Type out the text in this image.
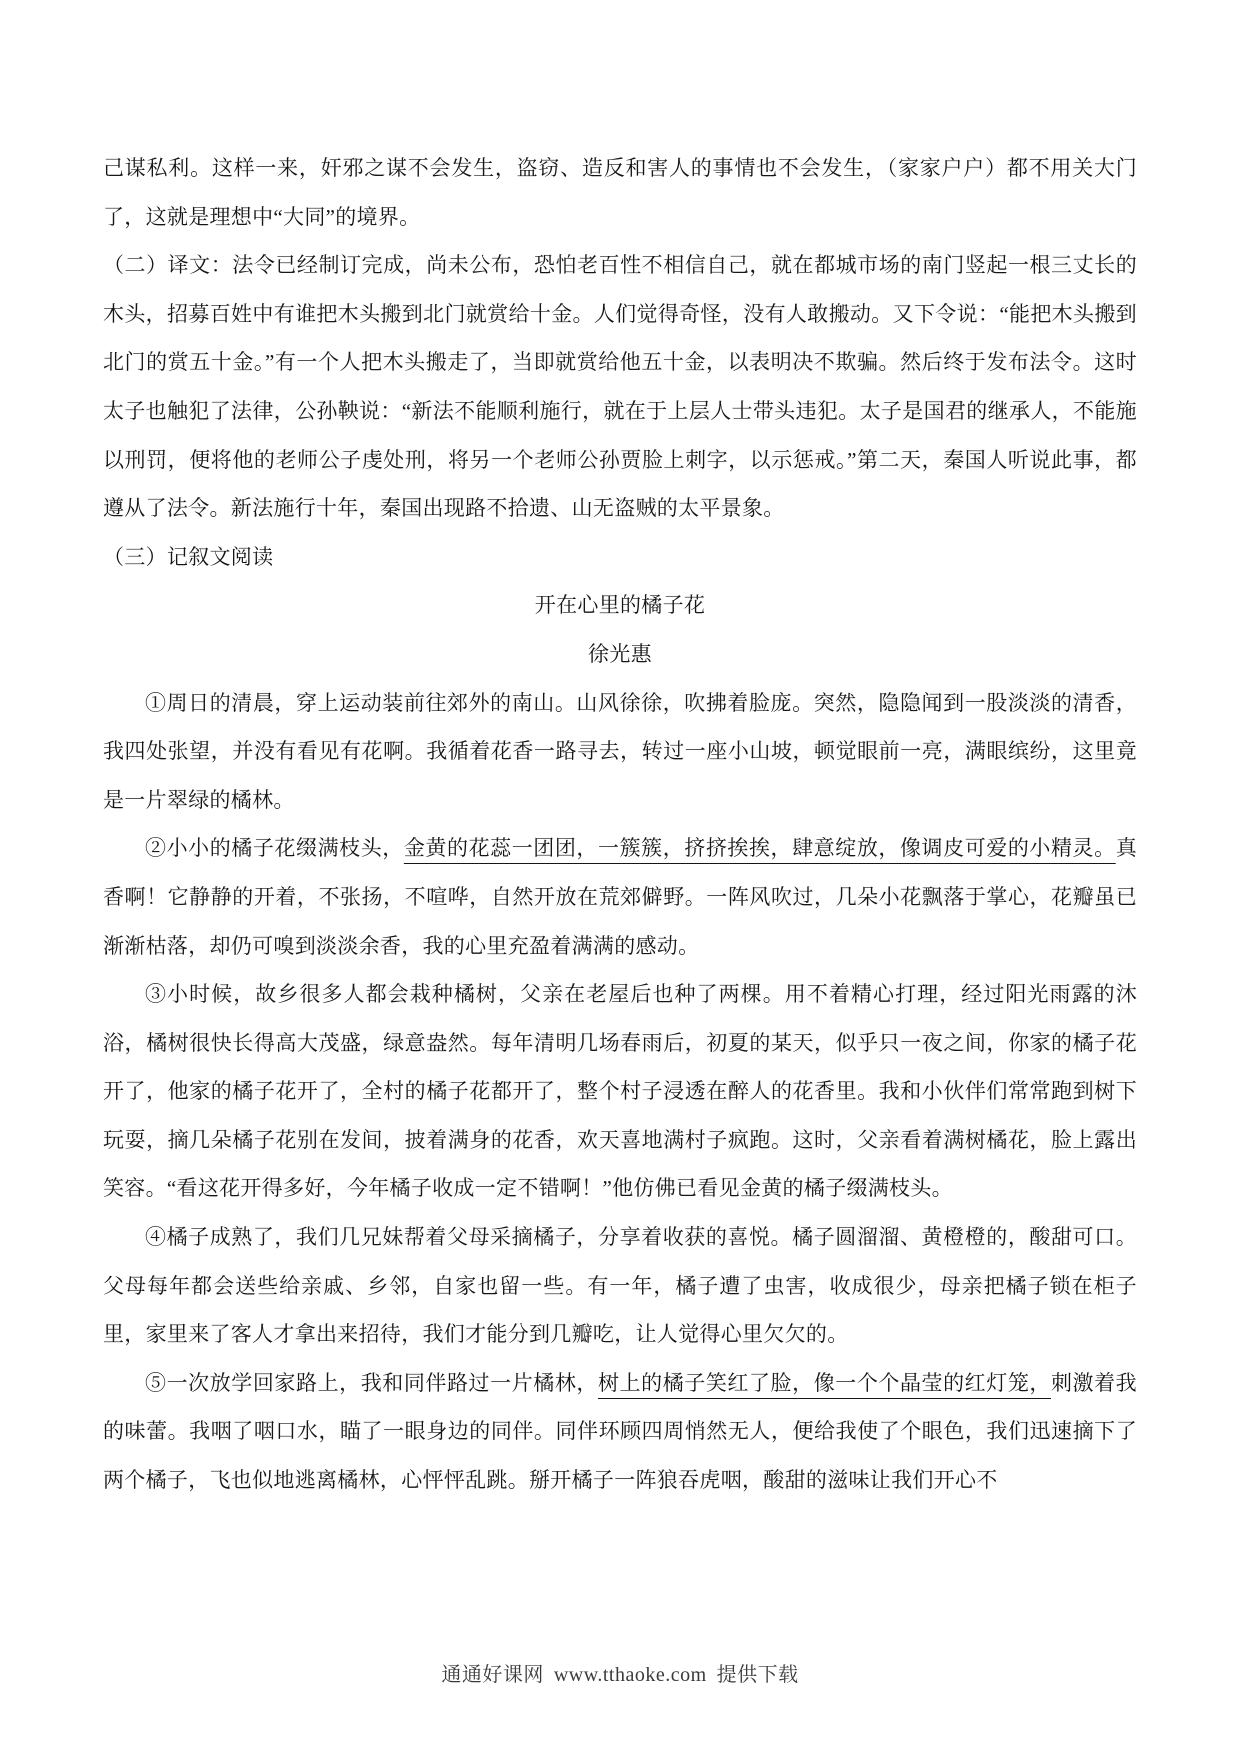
己谋私利。这样一来，奸邪之谋不会发生，盗窃、造反和害人的事情也不会发生，（家家户户）都不用关大门了，这就是理想中“大同”的境界。

（二）译文：法令已经制订完成，尚未公布，恐怕老百性不相信自己，就在都城市场的南门竖起一根三丈长的木头，招募百姓中有谁把木头搬到北门就赏给十金。人们觉得奇怪，没有人敢搬动。又下令说：“能把木头搬到北门的赏五十金。”有一个人把木头搬走了，当即就赏给他五十金，以表明决不欺骗。然后终于发布法令。这时太子也触犯了法律，公孙鞅说：“新法不能顺利施行，就在于上层人士带头违犯。太子是国君的继承人，不能施以刑罚，便将他的老师公子虔处刑，将另一个老师公孙贾脸上刺字，以示惩戒。”第二天，秦国人听说此事，都遵从了法令。新法施行十年，秦国出现路不拾遗、山无盗贼的太平景象。

（三）记叙文阅读

开在心里的橘子花

徐光惠

①周日的清晨，穿上运动装前往郊外的南山。山风徐徐，吹拂着脸庞。突然，隐隐闻到一股淡淡的清香，我四处张望，并没有看见有花啊。我循着花香一路寻去，转过一座小山坡，顿觉眼前一亮，满眼缤纷，这里竟是一片翠绿的橘林。

②小小的橘子花缀满枝头，金黄的花蕊一团团，一簇簇，挤挤挨挨，肆意绽放，像调皮可爱的小精灵。真香啊！它静静的开着，不张扬，不喧哗，自然开放在荒郊僻野。一阵风吹过，几朵小花飘落于掌心，花瓣虽已渐渐枯落，却仍可嗅到淡淡余香，我的心里充盈着满满的感动。

③小时候，故乡很多人都会栽种橘树，父亲在老屋后也种了两棵。用不着精心打理，经过阳光雨露的沐浴，橘树很快长得高大茂盛，绿意盎然。每年清明几场春雨后，初夏的某天，似乎只一夜之间，你家的橘子花开了，他家的橘子花开了，全村的橘子花都开了，整个村子浸透在醉人的花香里。我和小伙伴们常常跑到树下玩耍，摘几朵橘子花别在发间，披着满身的花香，欢天喜地满村子疯跑。这时，父亲看着满树橘花，脸上露出笑容。“看这花开得多好，今年橘子收成一定不错啊！”他仿佛已看见金黄的橘子缀满枝头。

④橘子成熟了，我们几兄妹帮着父母采摘橘子，分享着收获的喜悦。橘子圆溜溜、黄橙橙的，酸甜可口。父母每年都会送些给亲戚、乡邻，自家也留一些。有一年，橘子遭了虫害，收成很少，母亲把橘子锁在柜子里，家里来了客人才拿出来招待，我们才能分到几瓣吃，让人觉得心里欠欠的。

⑤一次放学回家路上，我和同伴路过一片橘林，树上的橘子笑红了脸，像一个个晶莹的红灯笼，刺激着我的味蕾。我咽了咽口水，瞄了一眼身边的同伴。同伴环顾四周悄然无人，便给我使了个眼色，我们迅速摘下了两个橘子，飞也似地逃离橘林，心怦怦乱跳。掰开橘子一阵狼吞虎咽，酸甜的滋味让我们开心不

通通好课网 www.tthaoke.com 提供下载
